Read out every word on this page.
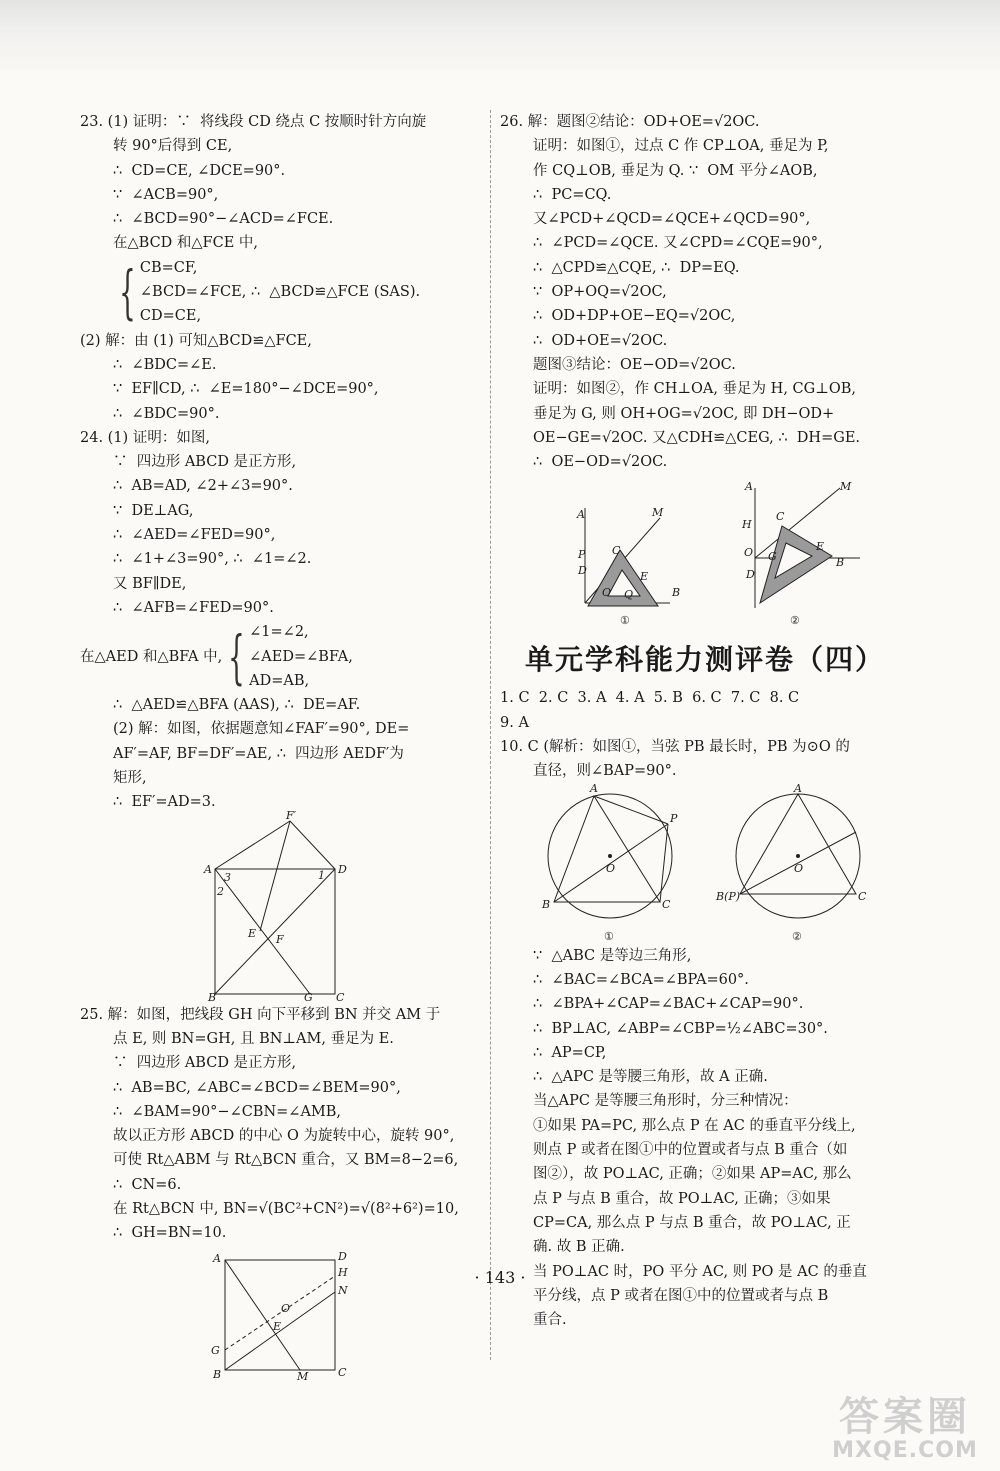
23. (1) 证明：∵  将线段 CD 绕点 C 按顺时针方向旋

转 90°后得到 CE,

∴  CD=CE, ∠DCE=90°.

∵  ∠ACB=90°,

∴  ∠BCD=90°−∠ACD=∠FCE.

在△BCD 和△FCE 中,

{ CB=CF,

∠BCD=∠FCE, ∴  △BCD≌△FCE (SAS).

CD=CE,

(2) 解：由 (1) 可知△BCD≌△FCE,

∴  ∠BDC=∠E.

∵  EF∥CD, ∴  ∠E=180°−∠DCE=90°,

∴  ∠BDC=90°.

24. (1) 证明：如图,

∵  四边形 ABCD 是正方形,

∴  AB=AD, ∠2+∠3=90°.

∵  DE⊥AG,

∴  ∠AED=∠FED=90°,

∴  ∠1+∠3=90°, ∴  ∠1=∠2.

又 BF∥DE,

∴  ∠AFB=∠FED=90°.

在△AED 和△BFA 中, { ∠1=∠2,

∠AED=∠BFA,

AD=AB,

∴  △AED≌△BFA (AAS), ∴  DE=AF.

(2) 解：如图，依据题意知∠FAF′=90°, DE=

AF′=AF, BF=DF′=AE, ∴  四边形 AEDF′为

矩形,

∴  EF′=AD=3.

F′
A	D
B	C
G
E F
3
2
1

25. 解：如图，把线段 GH 向下平移到 BN 并交 AM 于

点 E, 则 BN=GH, 且 BN⊥AM, 垂足为 E.

∵  四边形 ABCD 是正方形,

∴  AB=BC, ∠ABC=∠BCD=∠BEM=90°,

∴  ∠BAM=90°−∠CBN=∠AMB,

故以正方形 ABCD 的中心 O 为旋转中心，旋转 90°,

可使 Rt△ABM 与 Rt△BCN 重合，又 BM=8−2=6,

∴  CN=6.

在 Rt△BCN 中, BN=√(BC²+CN²)=√(8²+6²)=10,

∴  GH=BN=10.

A	D
H
N
O
E
G
B	M	C

26. 解：题图②结论：OD+OE=√2OC.

证明：如图①，过点 C 作 CP⊥OA, 垂足为 P,

作 CQ⊥OB, 垂足为 Q. ∵  OM 平分∠AOB,

∴  PC=CQ.

又∠PCD+∠QCD=∠QCE+∠QCD=90°,

∴  ∠PCD=∠QCE. 又∠CPD=∠CQE=90°,

∴  △CPD≌△CQE, ∴  DP=EQ.

∵  OP+OQ=√2OC,

∴  OD+DP+OE−EQ=√2OC,

∴  OD+OE=√2OC.

题图③结论：OE−OD=√2OC.

证明：如图②，作 CH⊥OA, 垂足为 H, CG⊥OB,

垂足为 G, 则 OH+OG=√2OC, 即 DH−OD+

OE−GE=√2OC. 又△CDH≌△CEG, ∴  DH=GE.

∴  OE−OD=√2OC.

A	M
P C
D	E
O Q	B
①
A	M
C
H
O G
E
B
D
②
单元学科能力测评卷（四）

1. C  2. C  3. A  4. A  5. B  6. C  7. C  8. C

9. A

10. C (解析：如图①，当弦 PB 最长时，PB 为⊙O 的

直径，则∠BAP=90°.

A
P
O
B	C
①
A
O
B(P)	C
②

∵  △ABC 是等边三角形,

∴  ∠BAC=∠BCA=∠BPA=60°.

∴  ∠BPA+∠CAP=∠BAC+∠CAP=90°.

∴  BP⊥AC, ∠ABP=∠CBP=½∠ABC=30°.

∴  AP=CP,

∴  △APC 是等腰三角形，故 A 正确.

当△APC 是等腰三角形时，分三种情况：

①如果 PA=PC, 那么点 P 在 AC 的垂直平分线上,

则点 P 或者在图①中的位置或者与点 B 重合（如

图②），故 PO⊥AC, 正确；②如果 AP=AC, 那么

点 P 与点 B 重合，故 PO⊥AC, 正确；③如果

CP=CA, 那么点 P 与点 B 重合，故 PO⊥AC, 正

确. 故 B 正确.

当 PO⊥AC 时，PO 平分 AC, 则 PO 是 AC 的垂直

平分线，点 P 或者在图①中的位置或者与点 B

重合.

· 143 ·
答案圈
MXQE.COM
